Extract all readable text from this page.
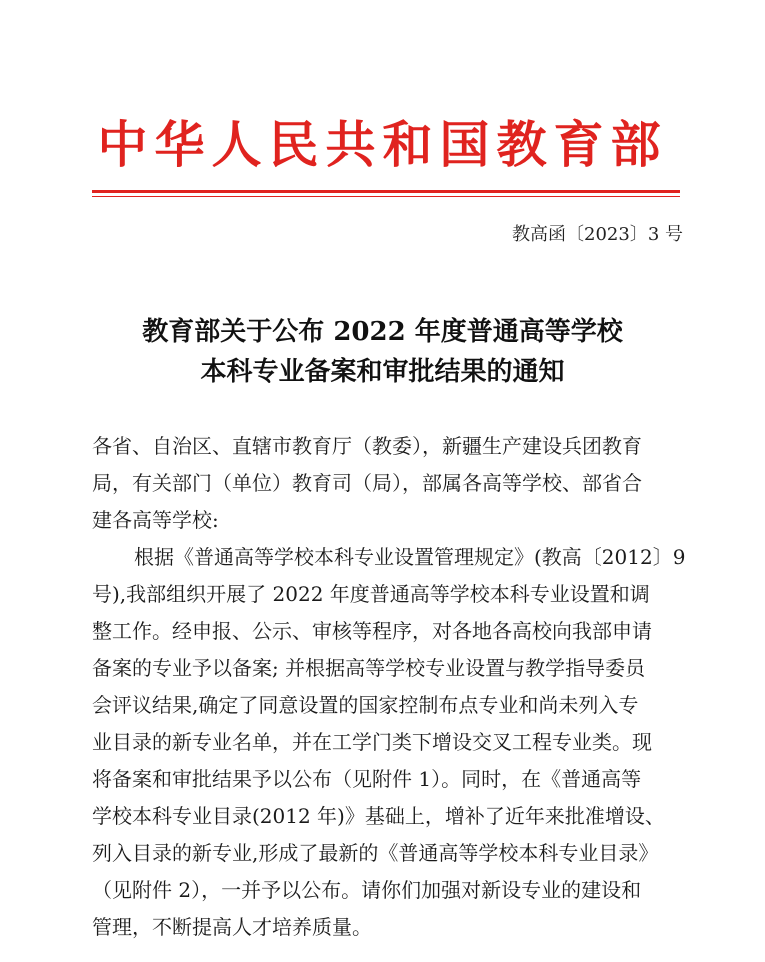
中华人民共和国教育部
教高函〔2023〕3 号
教育部关于公布 2022 年度普通高等学校
本科专业备案和审批结果的通知
各省、自治区、直辖市教育厅（教委），新疆生产建设兵团教育
局，有关部门（单位）教育司（局），部属各高等学校、部省合
建各高等学校:
根据《普通高等学校本科专业设置管理规定》(教高〔2012〕9
号),我部组织开展了 2022 年度普通高等学校本科专业设置和调
整工作。经申报、公示、审核等程序，对各地各高校向我部申请
备案的专业予以备案; 并根据高等学校专业设置与教学指导委员
会评议结果,确定了同意设置的国家控制布点专业和尚未列入专
业目录的新专业名单，并在工学门类下增设交叉工程专业类。现
将备案和审批结果予以公布（见附件 1）。同时，在《普通高等
学校本科专业目录(2012 年)》基础上，增补了近年来批准增设、
列入目录的新专业,形成了最新的《普通高等学校本科专业目录》
（见附件 2），一并予以公布。请你们加强对新设专业的建设和
管理，不断提高人才培养质量。
